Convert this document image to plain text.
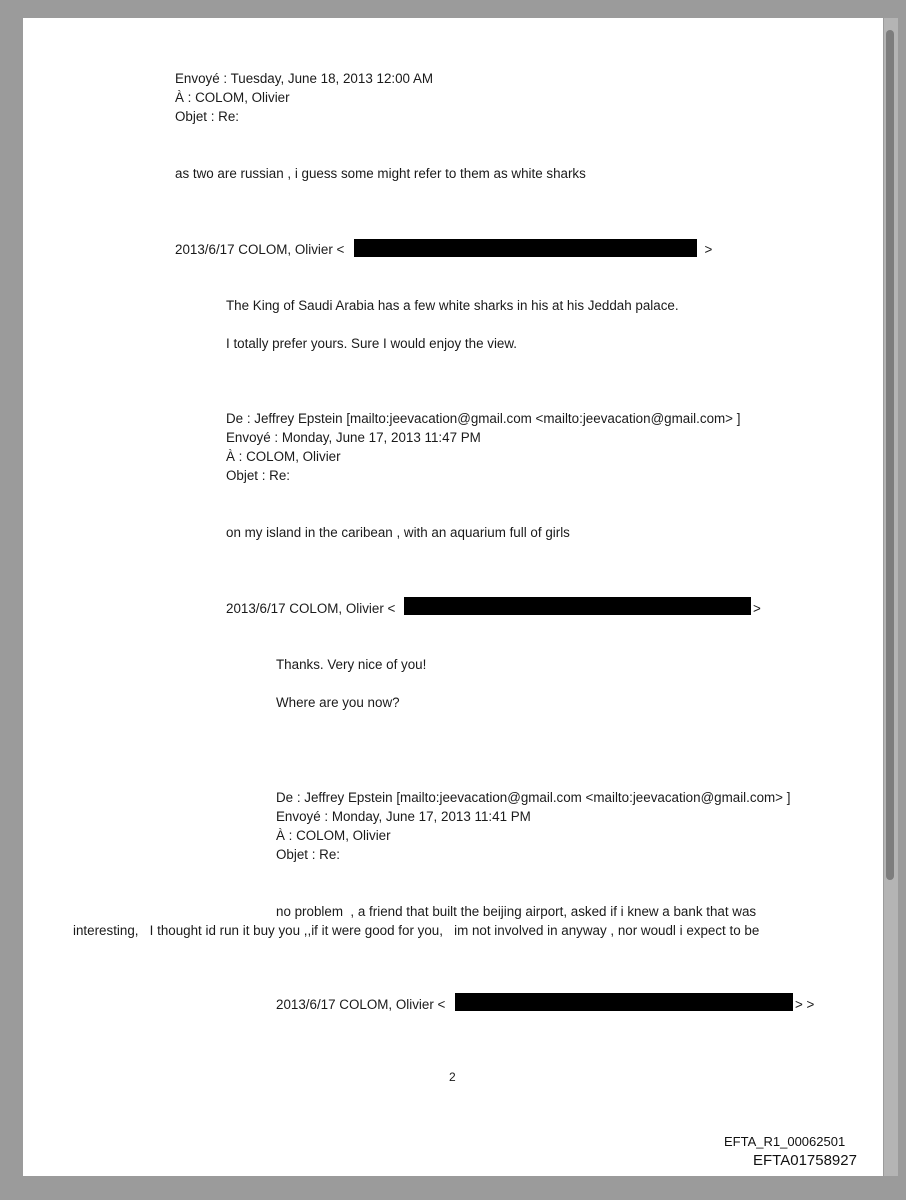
Envoyé : Tuesday, June 18, 2013 12:00 AM
À : COLOM, Olivier
Objet : Re:
as two are russian , i guess some might refer to them as white sharks
2013/6/17 COLOM, Olivier <	>
The King of Saudi Arabia has a few white sharks in his at his Jeddah palace.
I totally prefer yours. Sure I would enjoy the view.
De : Jeffrey Epstein [mailto:jeevacation@gmail.com <mailto:jeevacation@gmail.com> ]
Envoyé : Monday, June 17, 2013 11:47 PM
À : COLOM, Olivier
Objet : Re:
on my island in the caribean , with an aquarium full of girls
2013/6/17 COLOM, Olivier <	>
Thanks. Very nice of you!
Where are you now?
De : Jeffrey Epstein [mailto:jeevacation@gmail.com <mailto:jeevacation@gmail.com> ]
Envoyé : Monday, June 17, 2013 11:41 PM
À : COLOM, Olivier
Objet : Re:
no problem  , a friend that built the beijing airport, asked if i knew a bank that was
interesting,   I thought id run it buy you ,,if it were good for you,   im not involved in anyway , nor woudl i expect to be
2013/6/17 COLOM, Olivier <	> >
2
EFTA_R1_00062501
EFTA01758927
